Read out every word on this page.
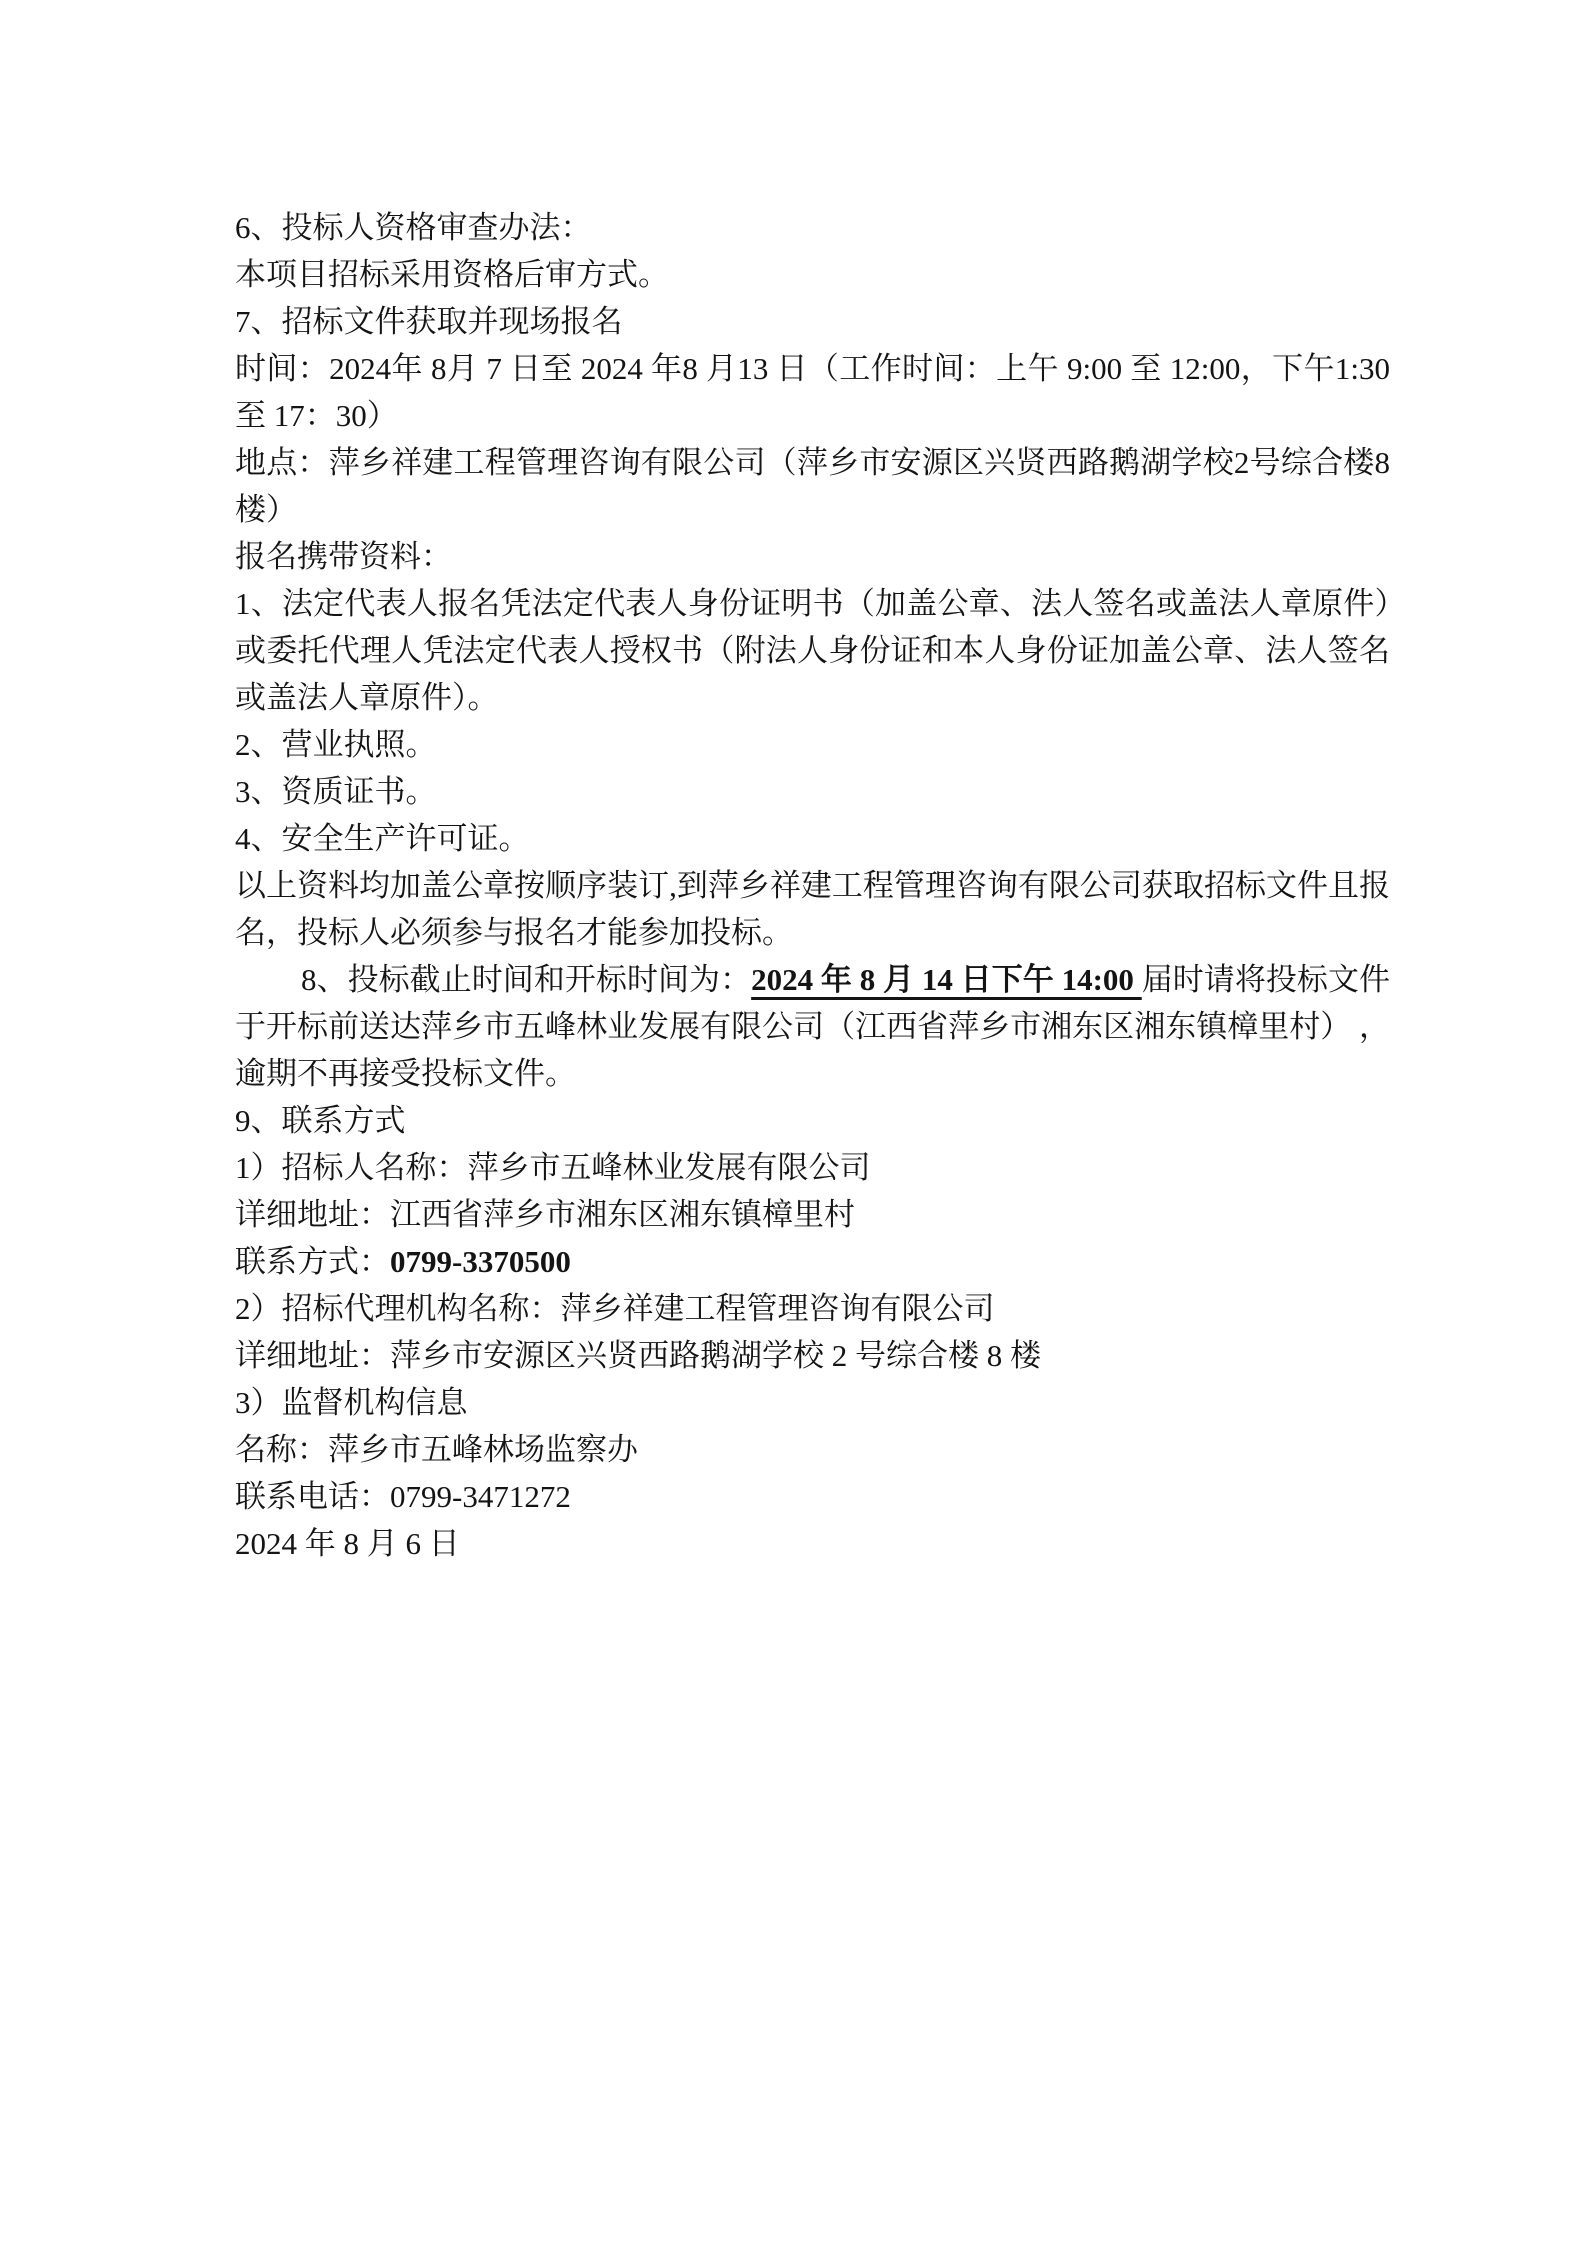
6、投标人资格审查办法：

本项目招标采用资格后审方式。

7、招标文件获取并现场报名

时间：2024年 8月 7 日至 2024 年8 月13 日（工作时间：上午 9:00 至 12:00，下午1:30 至 17：30）

地点：萍乡祥建工程管理咨询有限公司（萍乡市安源区兴贤西路鹅湖学校2号综合楼8楼）

报名携带资料：

1、法定代表人报名凭法定代表人身份证明书（加盖公章、法人签名或盖法人章原件）或委托代理人凭法定代表人授权书（附法人身份证和本人身份证加盖公章、法人签名或盖法人章原件）。

2、营业执照。

3、资质证书。

4、安全生产许可证。

以上资料均加盖公章按顺序装订,到萍乡祥建工程管理咨询有限公司获取招标文件且报名，投标人必须参与报名才能参加投标。

8、投标截止时间和开标时间为：2024 年 8 月 14 日下午 14:00 届时请将投标文件于开标前送达萍乡市五峰林业发展有限公司（江西省萍乡市湘东区湘东镇樟里村） ，逾期不再接受投标文件。

9、联系方式

1）招标人名称：萍乡市五峰林业发展有限公司

详细地址：江西省萍乡市湘东区湘东镇樟里村

联系方式：0799-3370500

2）招标代理机构名称：萍乡祥建工程管理咨询有限公司

详细地址：萍乡市安源区兴贤西路鹅湖学校 2 号综合楼 8 楼

3）监督机构信息

名称：萍乡市五峰林场监察办

联系电话：0799-3471272

2024 年 8 月 6 日
